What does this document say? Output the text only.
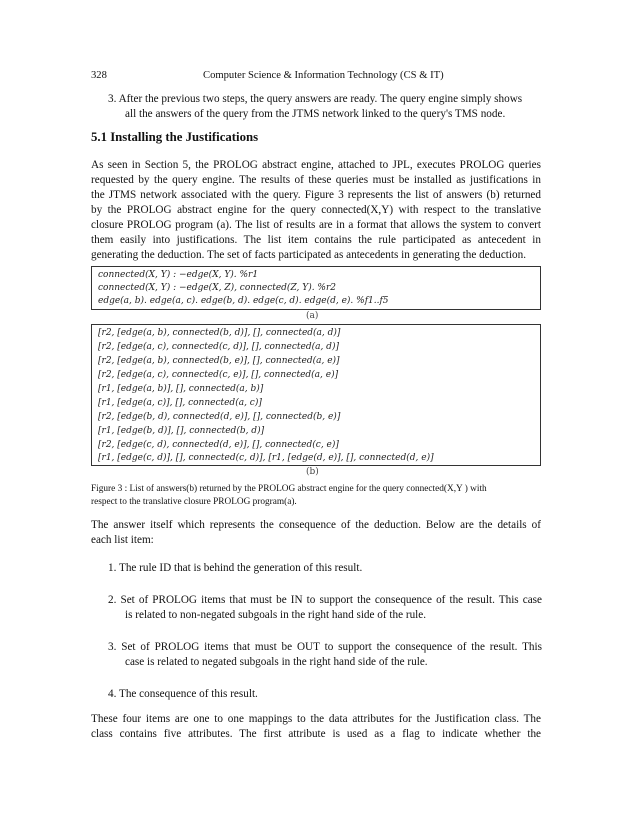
328	Computer Science & Information Technology (CS & IT)
3. After the previous two steps, the query answers are ready. The query engine simply shows
all the answers of the query from the JTMS network linked to the query's TMS node.
5.1 Installing the Justifications
As seen in Section 5, the PROLOG abstract engine, attached to JPL, executes PROLOG queries
requested by the query engine. The results of these queries must be installed as justifications in
the JTMS network associated with the query. Figure 3 represents the list of answers (b) returned
by the PROLOG abstract engine for the query connected(X,Y) with respect to the translative
closure PROLOG program (a). The list of results are in a format that allows the system to convert
them easily into justifications. The list item contains the rule participated as antecedent in
generating the deduction. The set of facts participated as antecedents in generating the deduction.
connected(X, Y) : −edge(X, Y). %r1
connected(X, Y) : −edge(X, Z), connected(Z, Y). %r2
edge(a, b). edge(a, c). edge(b, d). edge(c, d). edge(d, e). %f1..f5
(a)
[r2, [edge(a, b), connected(b, d)], [], connected(a, d)]
[r2, [edge(a, c), connected(c, d)], [], connected(a, d)]
[r2, [edge(a, b), connected(b, e)], [], connected(a, e)]
[r2, [edge(a, c), connected(c, e)], [], connected(a, e)]
[r1, [edge(a, b)], [], connected(a, b)]
[r1, [edge(a, c)], [], connected(a, c)]
[r2, [edge(b, d), connected(d, e)], [], connected(b, e)]
[r1, [edge(b, d)], [], connected(b, d)]
[r2, [edge(c, d), connected(d, e)], [], connected(c, e)]
[r1, [edge(c, d)], [], connected(c, d)], [r1, [edge(d, e)], [], connected(d, e)]
(b)
Figure 3 : List of answers(b) returned by the PROLOG abstract engine for the query connected(X,Y ) with
respect to the translative closure PROLOG program(a).
The answer itself which represents the consequence of the deduction. Below are the details of
each list item:
1. The rule ID that is behind the generation of this result.
2. Set of PROLOG items that must be IN to support the consequence of the result. This case
is related to non-negated subgoals in the right hand side of the rule.
3. Set of PROLOG items that must be OUT to support the consequence of the result. This
case is related to negated subgoals in the right hand side of the rule.
4. The consequence of this result.
These four items are one to one mappings to the data attributes for the Justification class. The
class contains five attributes. The first attribute is used as a flag to indicate whether the
